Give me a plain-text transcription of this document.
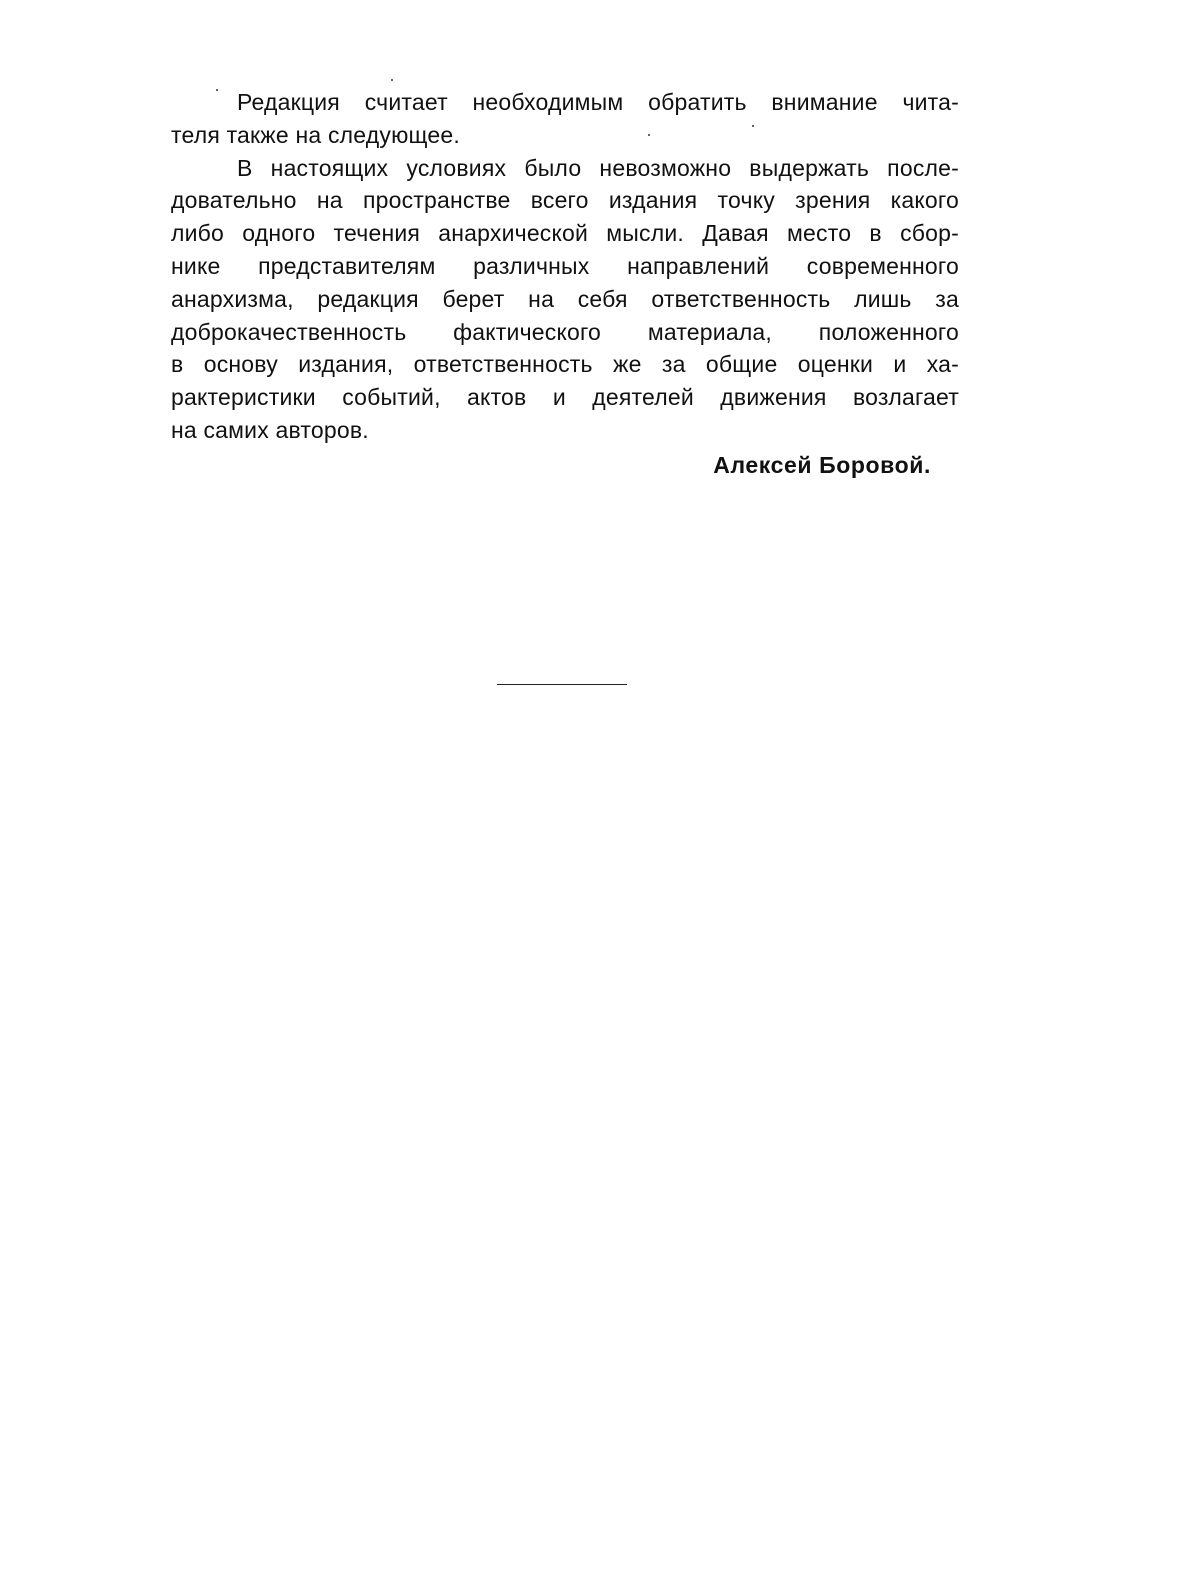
Редакция считает необходимым обратить внимание чита-
теля также на следующее.
В настоящих условиях было невозможно выдержать после-
довательно на пространстве всего издания точку зрения какого
либо одного течения анархической мысли. Давая место в сбор-
нике представителям различных направлений современного
анархизма, редакция берет на себя ответственность лишь за
доброкачественность фактического материала, положенного
в основу издания, ответственность же за общие оценки и ха-
рактеристики событий, актов и деятелей движения возлагает
на самих авторов.
Алексей Боровой.
